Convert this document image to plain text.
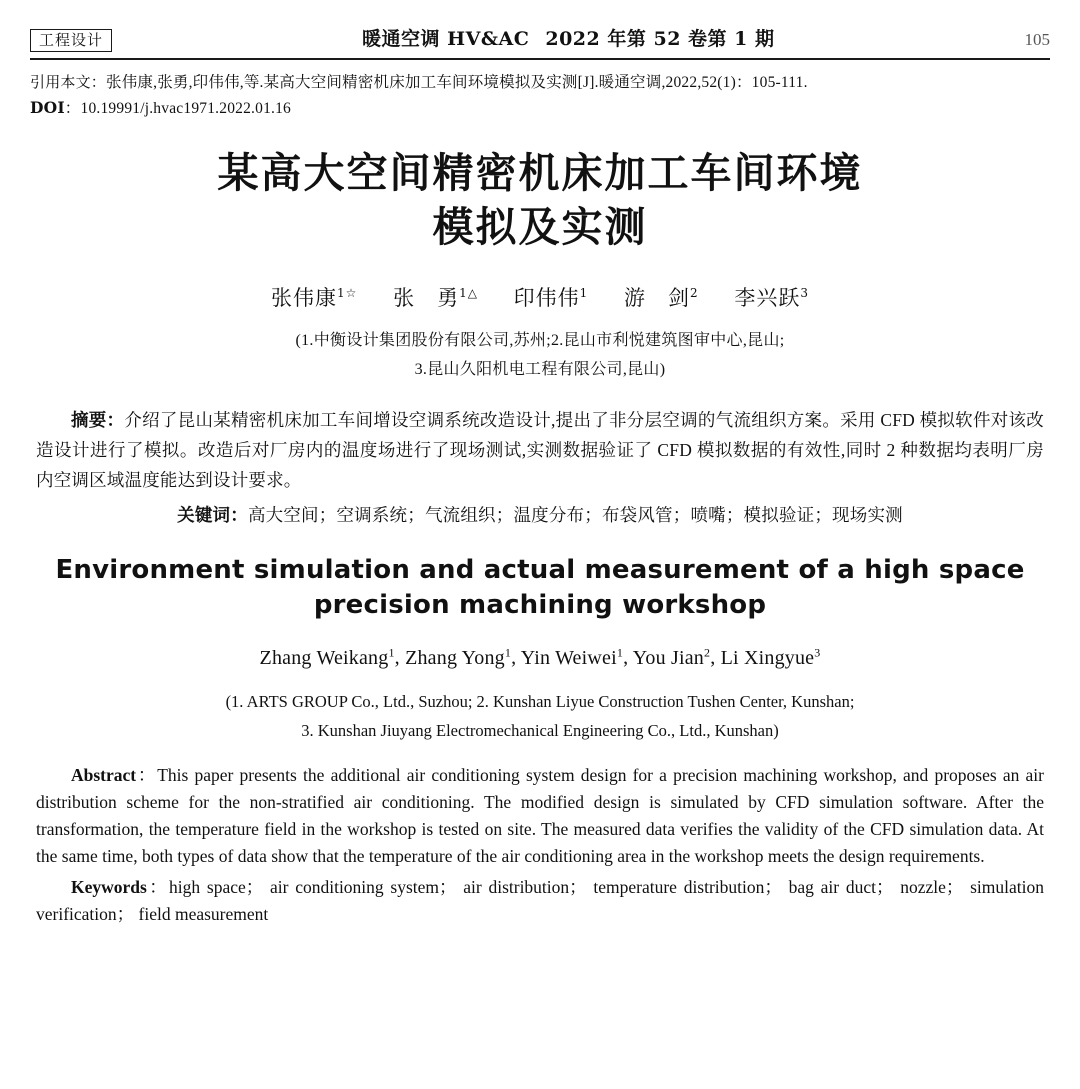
工程设计	暖通空调 HV&AC 2022 年第 52 卷第 1 期	105
引用本文：张伟康,张勇,印伟伟,等.某高大空间精密机床加工车间环境模拟及实测[J].暖通空调,2022,52(1)：105-111.
DOI：10.19991/j.hvac1971.2022.01.16
某高大空间精密机床加工车间环境
模拟及实测
张伟康$^{1☆}$ 张　勇$^{1\triangle}$ 印伟伟$^1$ 游　剑$^2$ 李兴跃$^3$
(1.中衡设计集团股份有限公司,苏州;2.昆山市利悦建筑图审中心,昆山;
3.昆山久阳机电工程有限公司,昆山)
摘要：介绍了昆山某精密机床加工车间增设空调系统改造设计,提出了非分层空调的气流组织方案。采用 CFD 模拟软件对该改造设计进行了模拟。改造后对厂房内的温度场进行了现场测试,实测数据验证了 CFD 模拟数据的有效性,同时 2 种数据均表明厂房内空调区域温度能达到设计要求。
关键词：高大空间；空调系统；气流组织；温度分布；布袋风管；喷嘴；模拟验证；现场实测
Environment simulation and actual measurement of a high space
precision machining workshop
Zhang Weikang$^1$, Zhang Yong$^1$, Yin Weiwei$^1$, You Jian$^2$, Li Xingyue$^3$
(1. ARTS GROUP Co., Ltd., Suzhou; 2. Kunshan Liyue Construction Tushen Center, Kunshan;
3. Kunshan Jiuyang Electromechanical Engineering Co., Ltd., Kunshan)

Abstract：This paper presents the additional air conditioning system design for a precision machining workshop, and proposes an air distribution scheme for the non-stratified air conditioning. The modified design is simulated by CFD simulation software. After the transformation, the temperature field in the workshop is tested on site. The measured data verifies the validity of the CFD simulation data. At the same time, both types of data show that the temperature of the air conditioning area in the workshop meets the design requirements.

Keywords：high space； air conditioning system； air distribution； temperature distribution； bag air duct； nozzle； simulation verification； field measurement
